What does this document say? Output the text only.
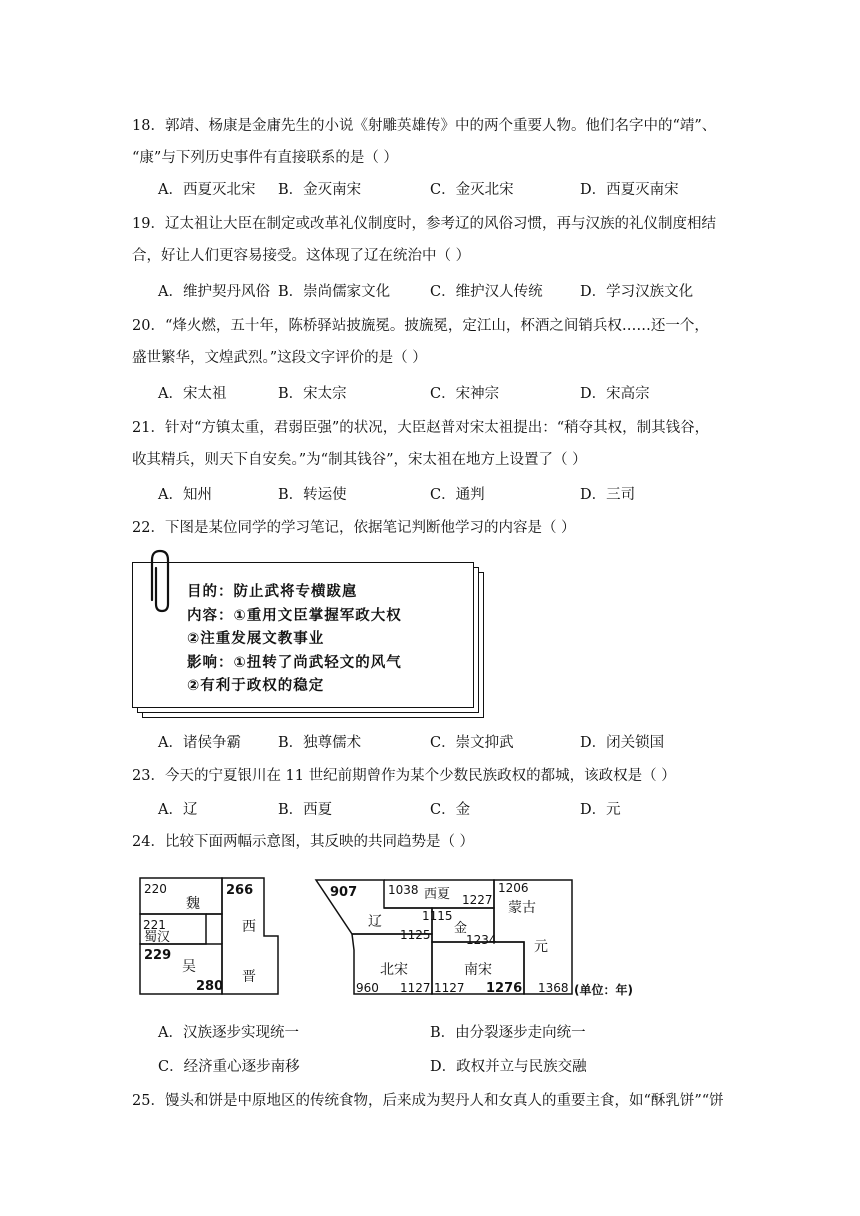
18．郭靖、杨康是金庸先生的小说《射雕英雄传》中的两个重要人物。他们名字中的“靖”、
“康”与下列历史事件有直接联系的是（ ）
A．西夏灭北宋 B．金灭南宋	C．金灭北宋	D．西夏灭南宋
19．辽太祖让大臣在制定或改革礼仪制度时，参考辽的风俗习惯，再与汉族的礼仪制度相结
合，好让人们更容易接受。这体现了辽在统治中（ ）
A．维护契丹风俗 B．崇尚儒家文化	C．维护汉人传统	D．学习汉族文化
20．“烽火燃，五十年，陈桥驿站披旒冕。披旒冕，定江山，杯酒之间销兵权……还一个，
盛世繁华，文煌武烈。”这段文字评价的是（ ）
A．宋太祖	B．宋太宗	C．宋神宗	D．宋高宗
21．针对“方镇太重，君弱臣强”的状况，大臣赵普对宋太祖提出：“稍夺其权，制其钱谷，
收其精兵，则天下自安矣。”为“制其钱谷”，宋太祖在地方上设置了（ ）
A．知州	B．转运使	C．通判	D．三司
22．下图是某位同学的学习笔记，依据笔记判断他学习的内容是（ ）
目的：防止武将专横跋扈
内容：①重用文臣掌握军政大权
②注重发展文教事业
影响：①扭转了尚武轻文的风气
②有利于政权的稳定
A．诸侯争霸	B．独尊儒术	C．崇文抑武	D．闭关锁国
23．今天的宁夏银川在 11 世纪前期曾作为某个少数民族政权的都城，该政权是（ ）
A．辽	B．西夏	C．金	D．元
24．比较下面两幅示意图，其反映的共同趋势是（ ）
220
魏
221
蜀汉
229
吴
280
266
西
晋
907
辽
1125
1038 西夏 1227
1206
蒙古
1115
金
1234	元
北宋	南宋
960 1127 1127 1276 1368 (单位：年)
A．汉族逐步实现统一	B．由分裂逐步走向统一
C．经济重心逐步南移	D．政权并立与民族交融
25．馒头和饼是中原地区的传统食物，后来成为契丹人和女真人的重要主食，如“酥乳饼”“饼
